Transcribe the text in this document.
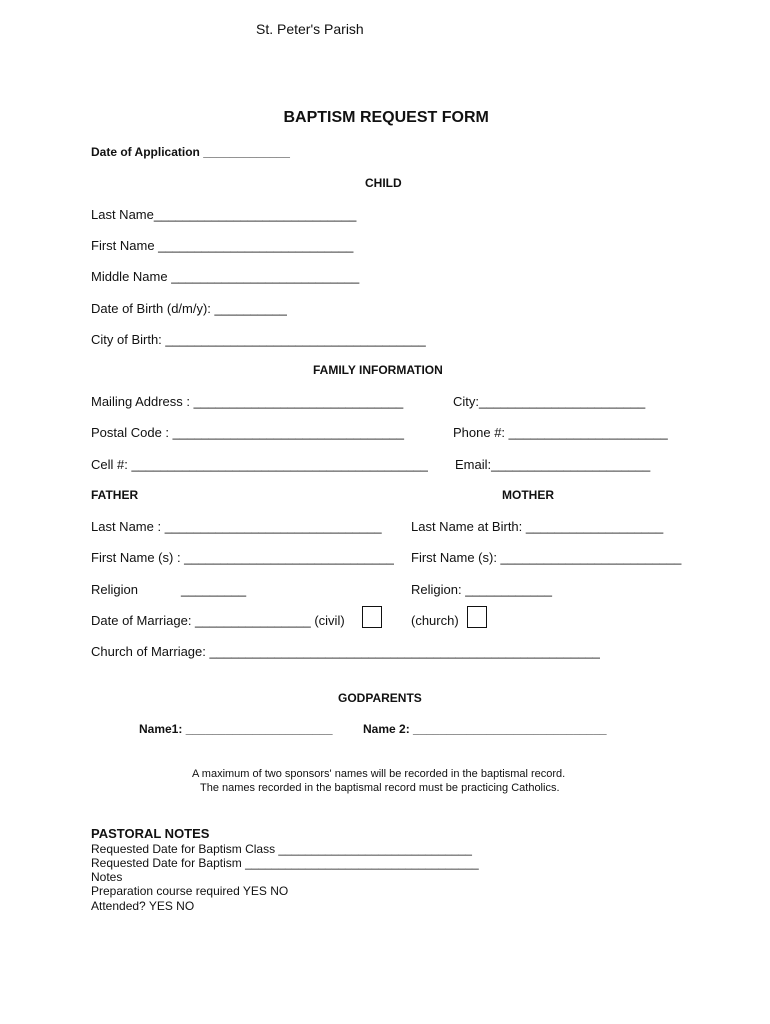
St. Peter's Parish
BAPTISM REQUEST FORM
Date of Application _____________
CHILD
Last Name____________________________
First Name ___________________________
Middle Name __________________________
Date of Birth (d/m/y): __________
City of Birth: ____________________________________
FAMILY INFORMATION
Mailing Address : _____________________________	City:_______________________
Postal Code : ________________________________	Phone #: ______________________
Cell #: _________________________________________ Email:______________________
FATHER	MOTHER
Last Name : ______________________________ Last Name at Birth: ___________________
First Name (s) : _____________________________ First Name (s): _________________________
Religion	_________	Religion: ____________
Date of Marriage: ________________ (civil)	(church)
Church of Marriage: ______________________________________________________
GODPARENTS
Name1: ______________________	Name 2: _____________________________
A maximum of two sponsors' names will be recorded in the baptismal record.
The names recorded in the baptismal record must be practicing Catholics.
PASTORAL NOTES
Requested Date for Baptism Class _____________________________
Requested Date for Baptism ___________________________________
Notes
Preparation course required YES NO
Attended? YES NO
